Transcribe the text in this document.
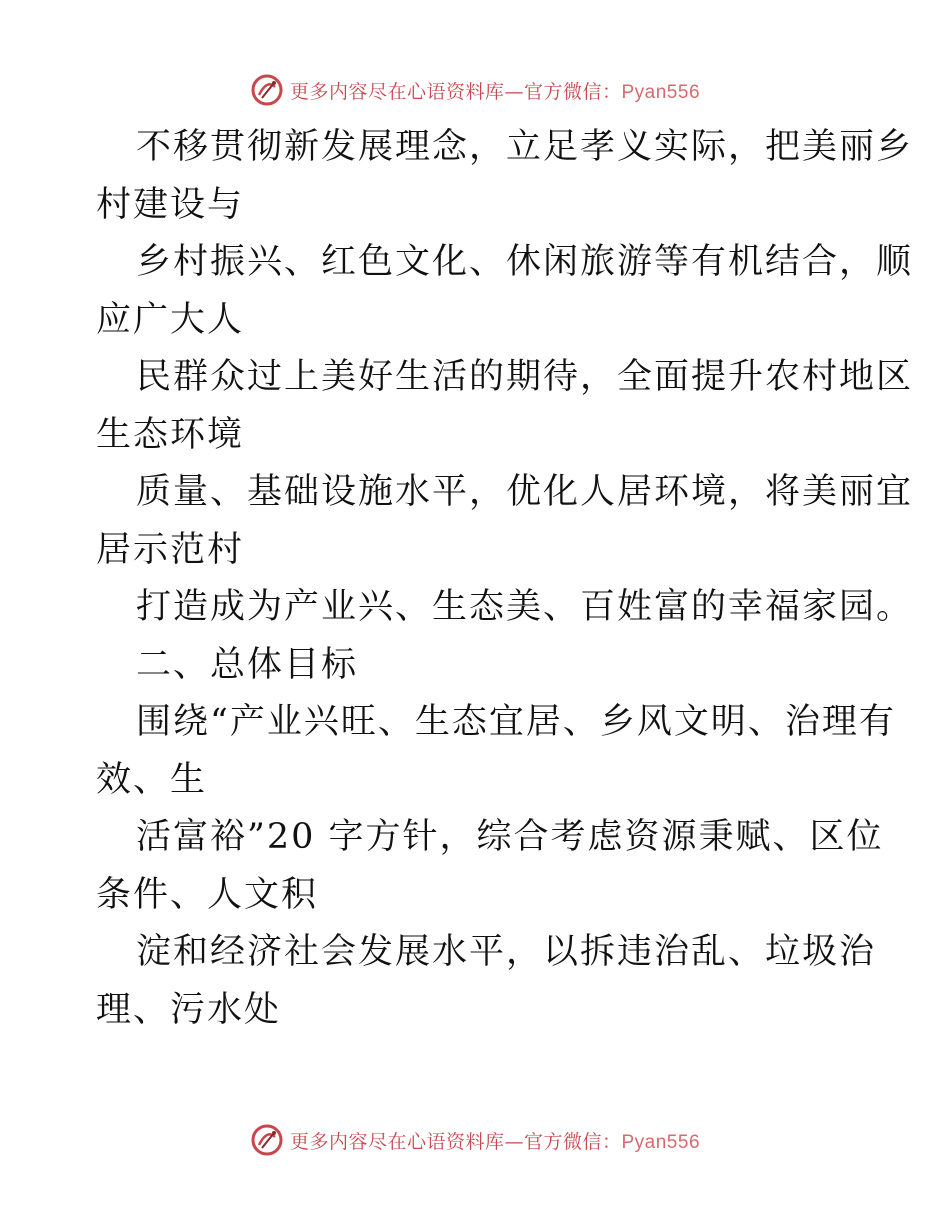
更多内容尽在心语资料库—官方微信：Pyan556
不移贯彻新发展理念，立足孝义实际，把美丽乡
村建设与
乡村振兴、红色文化、休闲旅游等有机结合，顺
应广大人
民群众过上美好生活的期待，全面提升农村地区
生态环境
质量、基础设施水平，优化人居环境，将美丽宜
居示范村
打造成为产业兴、生态美、百姓富的幸福家园。
二、总体目标
围绕“产业兴旺、生态宜居、乡风文明、治理有
效、生
活富裕”20 字方针，综合考虑资源秉赋、区位
条件、人文积
淀和经济社会发展水平，以拆违治乱、垃圾治
理、污水处
更多内容尽在心语资料库—官方微信：Pyan556
